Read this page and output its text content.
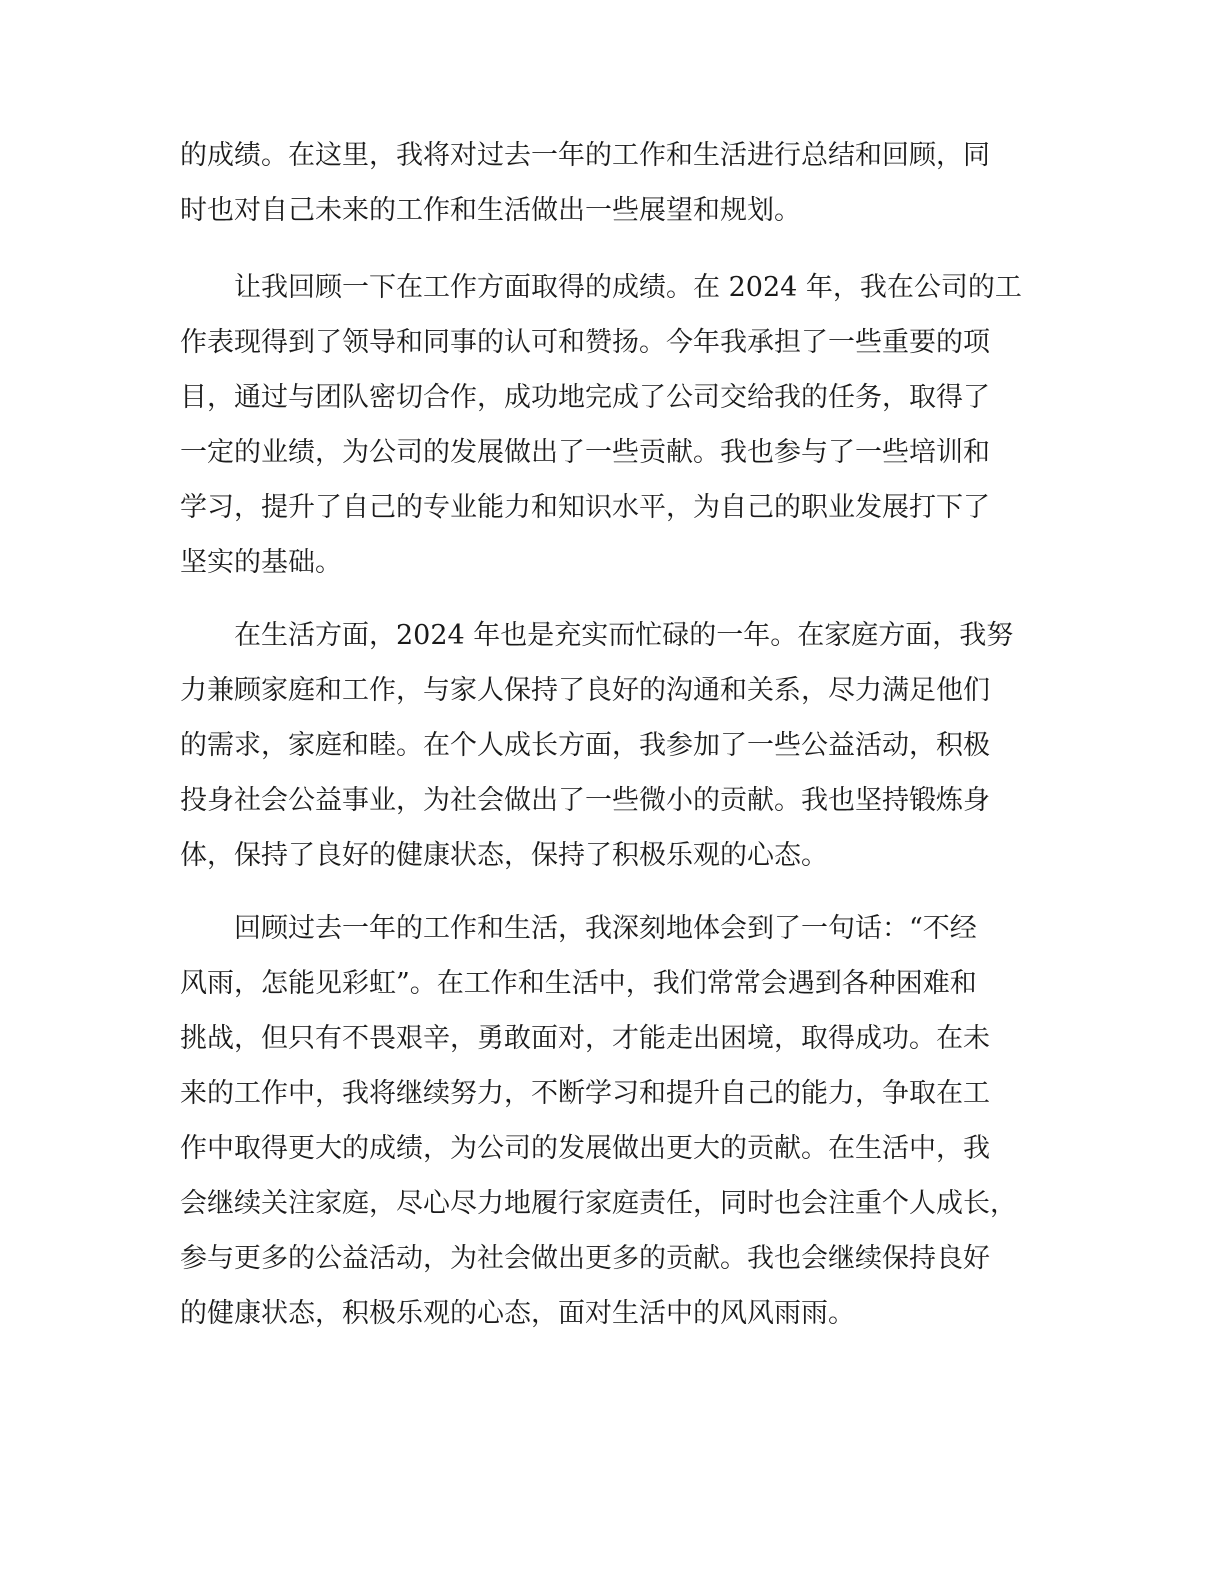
的成绩。在这里，我将对过去一年的工作和生活进行总结和回顾，同
时也对自己未来的工作和生活做出一些展望和规划。
让我回顾一下在工作方面取得的成绩。在 2024 年，我在公司的工
作表现得到了领导和同事的认可和赞扬。今年我承担了一些重要的项
目，通过与团队密切合作，成功地完成了公司交给我的任务，取得了
一定的业绩，为公司的发展做出了一些贡献。我也参与了一些培训和
学习，提升了自己的专业能力和知识水平，为自己的职业发展打下了
坚实的基础。
在生活方面，2024 年也是充实而忙碌的一年。在家庭方面，我努
力兼顾家庭和工作，与家人保持了良好的沟通和关系，尽力满足他们
的需求，家庭和睦。在个人成长方面，我参加了一些公益活动，积极
投身社会公益事业，为社会做出了一些微小的贡献。我也坚持锻炼身
体，保持了良好的健康状态，保持了积极乐观的心态。
回顾过去一年的工作和生活，我深刻地体会到了一句话：“不经
风雨，怎能见彩虹”。在工作和生活中，我们常常会遇到各种困难和
挑战，但只有不畏艰辛，勇敢面对，才能走出困境，取得成功。在未
来的工作中，我将继续努力，不断学习和提升自己的能力，争取在工
作中取得更大的成绩，为公司的发展做出更大的贡献。在生活中，我
会继续关注家庭，尽心尽力地履行家庭责任，同时也会注重个人成长，
参与更多的公益活动，为社会做出更多的贡献。我也会继续保持良好
的健康状态，积极乐观的心态，面对生活中的风风雨雨。
